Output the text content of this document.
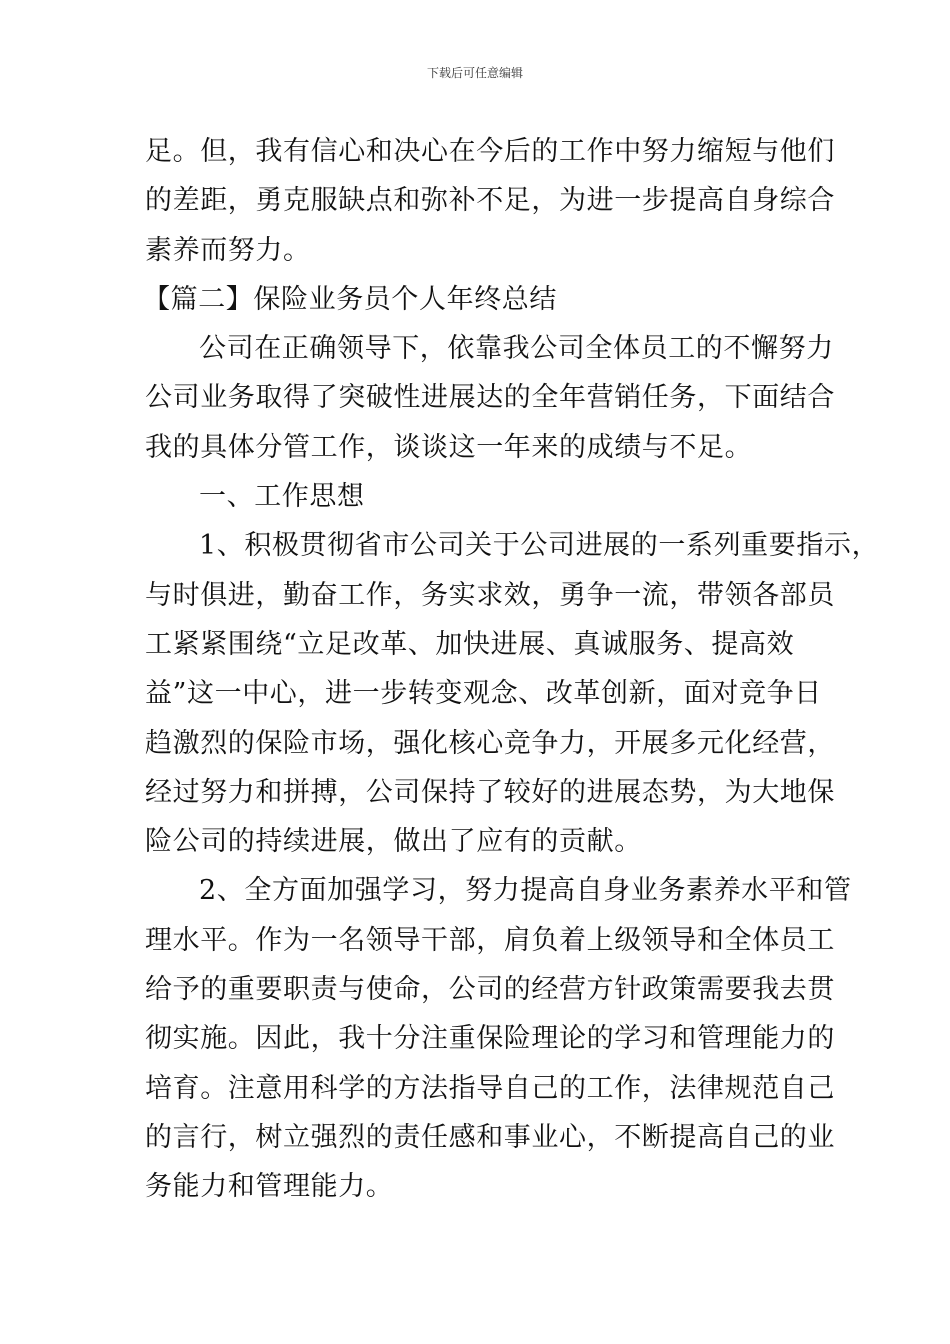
下载后可任意编辑
足。但，我有信心和决心在今后的工作中努力缩短与他们
的差距，勇克服缺点和弥补不足，为进一步提高自身综合
素养而努力。
【篇二】保险业务员个人年终总结
公司在正确领导下，依靠我公司全体员工的不懈努力
公司业务取得了突破性进展达的全年营销任务，下面结合
我的具体分管工作，谈谈这一年来的成绩与不足。
一、工作思想
1、积极贯彻省市公司关于公司进展的一系列重要指示，
与时俱进，勤奋工作，务实求效，勇争一流，带领各部员
工紧紧围绕“立足改革、加快进展、真诚服务、提高效
益”这一中心，进一步转变观念、改革创新，面对竞争日
趋激烈的保险市场，强化核心竞争力，开展多元化经营，
经过努力和拼搏，公司保持了较好的进展态势，为大地保
险公司的持续进展，做出了应有的贡献。
2、全方面加强学习，努力提高自身业务素养水平和管
理水平。作为一名领导干部，肩负着上级领导和全体员工
给予的重要职责与使命，公司的经营方针政策需要我去贯
彻实施。因此，我十分注重保险理论的学习和管理能力的
培育。注意用科学的方法指导自己的工作，法律规范自己
的言行，树立强烈的责任感和事业心，不断提高自己的业
务能力和管理能力。
